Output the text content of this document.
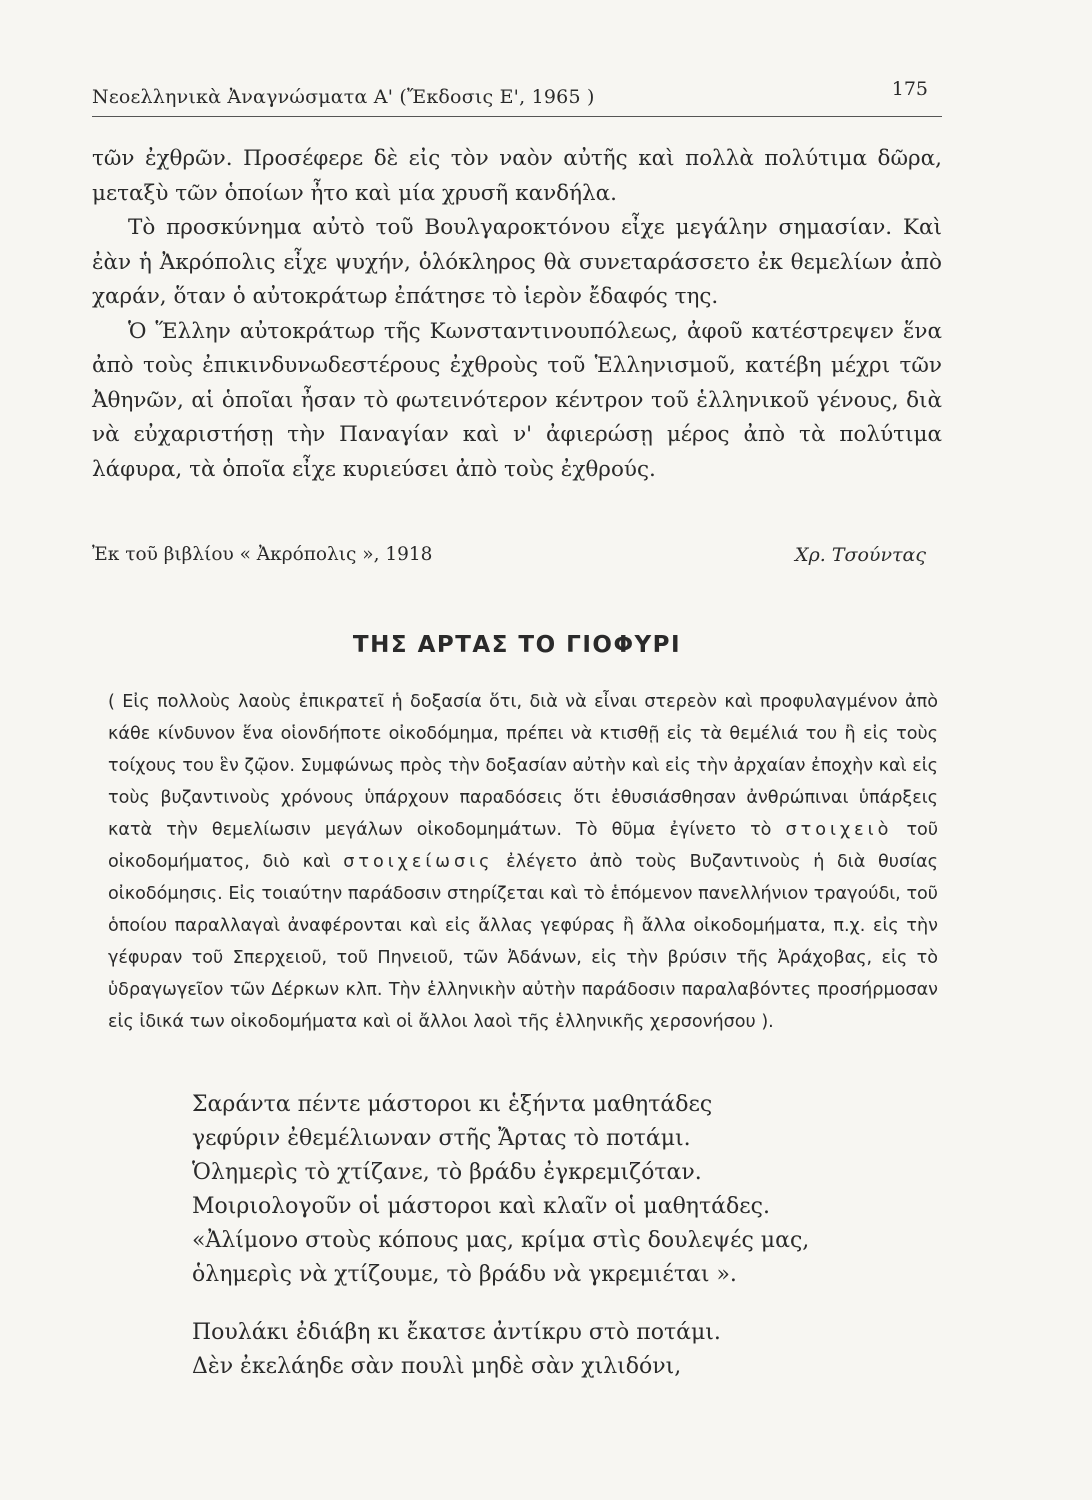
Νεοελληνικὰ Ἀναγνώσματα Α' (Ἔκδοσις Ε', 1965 )	175

τῶν ἐχθρῶν. Προσέφερε δὲ εἰς τὸν ναὸν αὐτῆς καὶ πολλὰ πολύτιμα δῶρα, μεταξὺ τῶν ὁποίων ἦτο καὶ μία χρυσῆ κανδήλα.

Τὸ προσκύνημα αὐτὸ τοῦ Βουλγαροκτόνου εἶχε μεγάλην σημασίαν. Καὶ ἐὰν ἡ Ἀκρόπολις εἶχε ψυχήν, ὁλόκληρος θὰ συνεταράσσετο ἐκ θεμελίων ἀπὸ χαράν, ὅταν ὁ αὐτοκράτωρ ἐπάτησε τὸ ἱερὸν ἔδαφός της.

Ὁ Ἕλλην αὐτοκράτωρ τῆς Κωνσταντινουπόλεως, ἀφοῦ κατέστρεψεν ἕνα ἀπὸ τοὺς ἐπικινδυνωδεστέρους ἐχθροὺς τοῦ Ἑλληνισμοῦ, κατέβη μέχρι τῶν Ἀθηνῶν, αἱ ὁποῖαι ἦσαν τὸ φωτεινότερον κέντρον τοῦ ἑλληνικοῦ γένους, διὰ νὰ εὐχαριστήσῃ τὴν Παναγίαν καὶ ν' ἀφιερώσῃ μέρος ἀπὸ τὰ πολύτιμα λάφυρα, τὰ ὁποῖα εἶχε κυριεύσει ἀπὸ τοὺς ἐχθρούς.

Ἐκ τοῦ βιβλίου « Ἀκρόπολις », 1918	Χρ. Τσούντας
ΤΗΣ ΑΡΤΑΣ ΤΟ ΓΙΟΦΥΡΙ

( Εἰς πολλοὺς λαοὺς ἐπικρατεῖ ἡ δοξασία ὅτι, διὰ νὰ εἶναι στερεὸν καὶ προφυλαγμένον ἀπὸ κάθε κίνδυνον ἕνα οἱονδήποτε οἰκοδόμημα, πρέπει νὰ κτισθῇ εἰς τὰ θεμέλιά του ἢ εἰς τοὺς τοίχους του ἓν ζῷον. Συμφώνως πρὸς τὴν δοξασίαν αὐτὴν καὶ εἰς τὴν ἀρχαίαν ἐποχὴν καὶ εἰς τοὺς βυζαντινοὺς χρόνους ὑπάρχουν παραδόσεις ὅτι ἐθυσιάσθησαν ἀνθρώπιναι ὑπάρξεις κατὰ τὴν θεμελίωσιν μεγάλων οἰκοδομημάτων. Τὸ θῦμα ἐγίνετο τὸ στοιχειὸ τοῦ οἰκοδομήματος, διὸ καὶ στοιχείωσις ἐλέγετο ἀπὸ τοὺς Βυζαντινοὺς ἡ διὰ θυσίας οἰκοδόμησις. Εἰς τοιαύτην παράδοσιν στηρίζεται καὶ τὸ ἑπόμενον πανελλήνιον τραγούδι, τοῦ ὁποίου παραλλαγαὶ ἀναφέρονται καὶ εἰς ἄλλας γεφύρας ἢ ἄλλα οἰκοδομήματα, π.χ. εἰς τὴν γέφυραν τοῦ Σπερχειοῦ, τοῦ Πηνειοῦ, τῶν Ἀδάνων, εἰς τὴν βρύσιν τῆς Ἀράχοβας, εἰς τὸ ὑδραγωγεῖον τῶν Δέρκων κλπ. Τὴν ἑλληνικὴν αὐτὴν παράδοσιν παραλαβόντες προσήρμοσαν εἰς ἰδικά των οἰκοδομήματα καὶ οἱ ἄλλοι λαοὶ τῆς ἑλληνικῆς χερσονήσου ).

Σαράντα πέντε μάστοροι κι ἑξήντα μαθητάδες
γεφύριν ἐθεμέλιωναν στῆς Ἄρτας τὸ ποτάμι.
Ὁλημερὶς τὸ χτίζανε, τὸ βράδυ ἐγκρεμιζόταν.
Μοιριολογοῦν οἱ μάστοροι καὶ κλαῖν οἱ μαθητάδες.
«Ἀλίμονο στοὺς κόπους μας, κρίμα στὶς δουλεψές μας,
ὁλημερὶς νὰ χτίζουμε, τὸ βράδυ νὰ γκρεμιέται ».
Πουλάκι ἐδιάβη κι ἔκατσε ἀντίκρυ στὸ ποτάμι.
Δὲν ἐκελάηδε σὰν πουλὶ μηδὲ σὰν χιλιδόνι,
